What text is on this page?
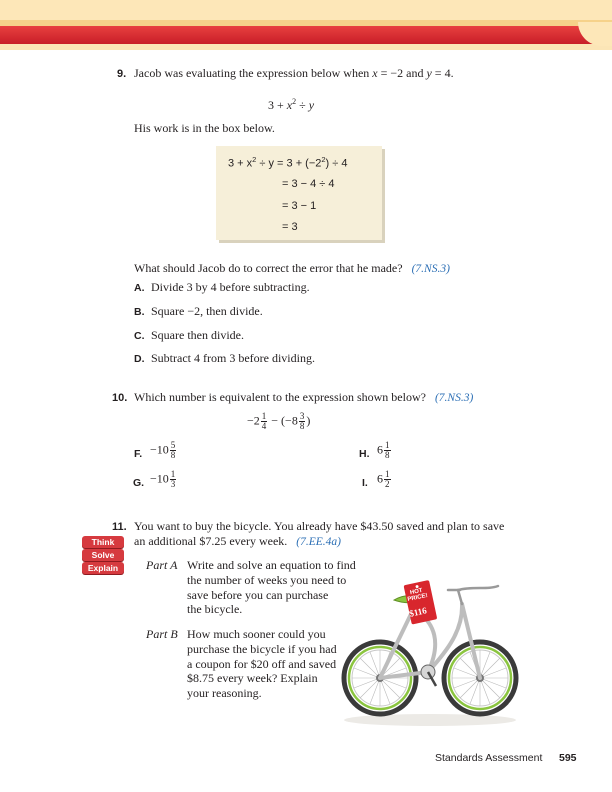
9. Jacob was evaluating the expression below when x = −2 and y = 4.
$3 + x^2 \div y$
His work is in the box below.
$3 + x^2 \div y = 3 + (-2^2) \div 4$
= 3 − 4 ÷ 4
= 3 − 1
= 3
What should Jacob do to correct the error that he made? (7.NS.3)
A. Divide 3 by 4 before subtracting.
B. Square −2, then divide.
C. Square then divide.
D. Subtract 4 from 3 before dividing.
10. Which number is equivalent to the expression shown below? (7.NS.3)
$-2 \frac{1}{4} - (-8 \frac{3}{8}$ )
F. $-10 \frac{5}{8}$	H. $6 \frac{1}{8}$
G. $-10 \frac{1}{3}$	I. $6 \frac{1}{2}$
11. You want to buy the bicycle. You already have $43.50 saved and plan to save
an additional $7.25 every week. (7.EE.4a)
Think
Solve
Explain	Part A Write and solve an equation to find
the number of weeks you need to
save before you can purchase
the bicycle.
Part B How much sooner could you
purchase the bicycle if you had
a coupon for $20 off and saved
$8.75 every week? Explain
your reasoning.
HOT PRICE!
$116
Standards Assessment 595
